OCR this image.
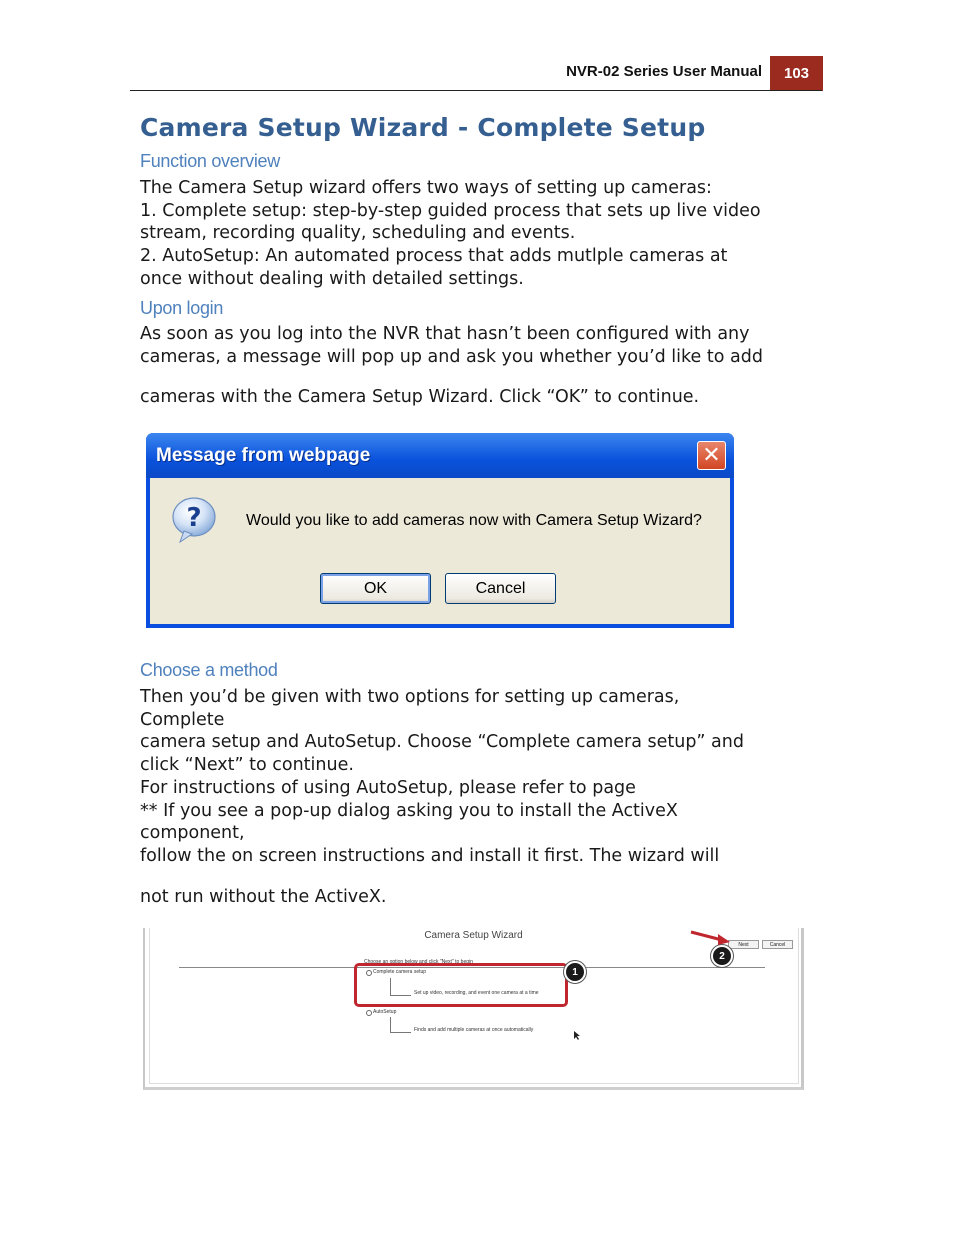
NVR-02 Series User Manual	103
Camera Setup Wizard - Complete Setup
Function overview
The Camera Setup wizard offers two ways of setting up cameras:
1. Complete setup: step-by-step guided process that sets up live video
stream, recording quality, scheduling and events.
2. AutoSetup: An automated process that adds mutlple cameras at
once without dealing with detailed settings.
Upon login
As soon as you log into the NVR that hasn’t been configured with any
cameras, a message will pop up and ask you whether you’d like to add
cameras with the Camera Setup Wizard. Click “OK” to continue.
Message from webpage	✕
?	Would you like to add cameras now with Camera Setup Wizard?
OK	Cancel
Choose a method
Then you’d be given with two options for setting up cameras,
Complete
camera setup and AutoSetup. Choose “Complete camera setup” and
click “Next” to continue.
For instructions of using AutoSetup, please refer to page
** If you see a pop-up dialog asking you to install the ActiveX
component,
follow the on screen instructions and install it first. The wizard will
not run without the ActiveX.
Camera Setup Wizard
Choose an option below and click "Next" to begin
Complete camera setup
Set up video, recording, and event one camera at a time
AutoSetup
Finds and add multiple cameras at once automatically
1
Next	Cancel
2
